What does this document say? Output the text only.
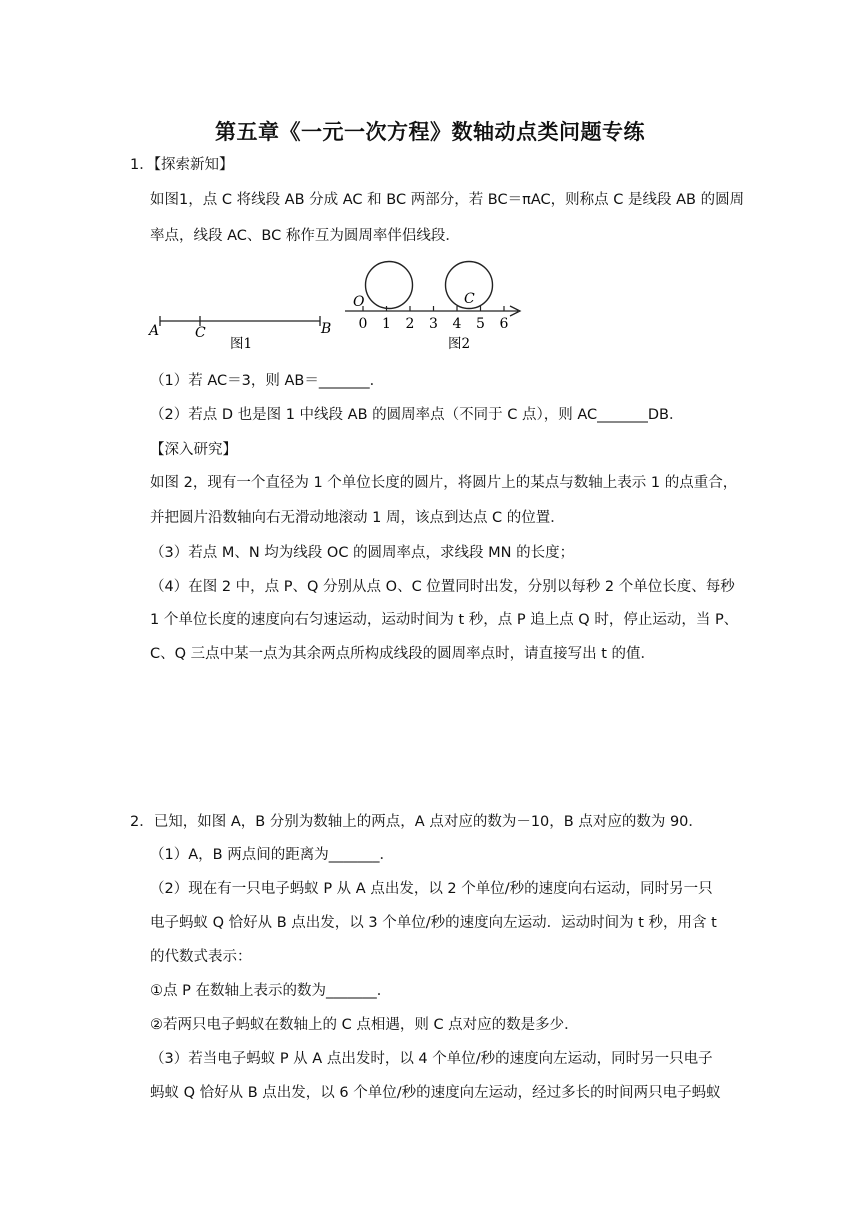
第五章《一元一次方程》数轴动点类问题专练
1．【探索新知】
如图1，点 C 将线段 AB 分成 AC 和 BC 两部分，若 BC＝πAC，则称点 C 是线段 AB 的圆周
率点，线段 AC、BC 称作互为圆周率伴侣线段．
A	C	B
图1
0 1 2 3 4 5 6
O	C
图2
（1）若 AC＝3，则 AB＝_______．
（2）若点 D 也是图 1 中线段 AB 的圆周率点（不同于 C 点），则 AC_______DB．
【深入研究】
如图 2，现有一个直径为 1 个单位长度的圆片，将圆片上的某点与数轴上表示 1 的点重合，
并把圆片沿数轴向右无滑动地滚动 1 周，该点到达点 C 的位置．
（3）若点 M、N 均为线段 OC 的圆周率点，求线段 MN 的长度；
（4）在图 2 中，点 P、Q 分别从点 O、C 位置同时出发，分别以每秒 2 个单位长度、每秒
1 个单位长度的速度向右匀速运动，运动时间为 t 秒，点 P 追上点 Q 时，停止运动，当 P、
C、Q 三点中某一点为其余两点所构成线段的圆周率点时，请直接写出 t 的值．
2．已知，如图 A，B 分别为数轴上的两点，A 点对应的数为－10，B 点对应的数为 90．
（1）A，B 两点间的距离为_______．
（2）现在有一只电子蚂蚁 P 从 A 点出发，以 2 个单位/秒的速度向右运动，同时另一只
电子蚂蚁 Q 恰好从 B 点出发，以 3 个单位/秒的速度向左运动．运动时间为 t 秒，用含 t
的代数式表示：
①点 P 在数轴上表示的数为_______．
②若两只电子蚂蚁在数轴上的 C 点相遇，则 C 点对应的数是多少．
（3）若当电子蚂蚁 P 从 A 点出发时，以 4 个单位/秒的速度向左运动，同时另一只电子
蚂蚁 Q 恰好从 B 点出发，以 6 个单位/秒的速度向左运动，经过多长的时间两只电子蚂蚁
